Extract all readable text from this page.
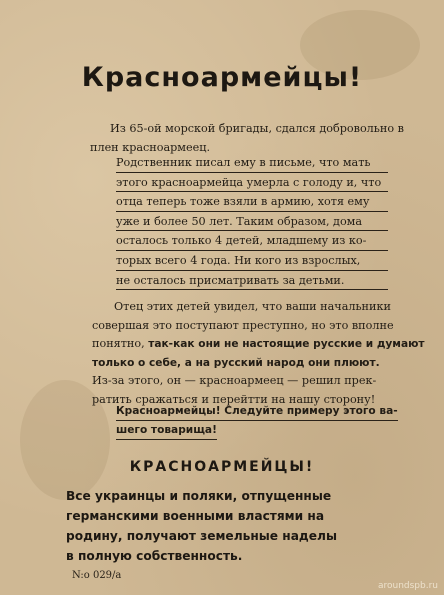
Красноармейцы!
Из 65-ой морской бригады, сдался добровольно в
плен красноармеец.
Родственник писал ему в письме, что мать
этого красноармейца умерла с голоду и, что
отца теперь тоже взяли в армию, хотя ему
уже и более 50 лет. Таким образом, дома
осталось только 4 детей, младшему из ко-
торых всего 4 года. Ни кого из взрослых,
не осталось присматривать за детьми.
Отец этих детей увидел, что ваши начальники
совершая это поступают преступно, но это вполне
понятно, так-как они не настоящие русские и думают
только о себе, а на русский народ они плюют.
Из-за этого, он — красноармеец — решил прек-
ратить сражаться и перейтти на нашу сторону!
Красноармейцы! Следуйте примеру этого ва-
шего товарища!
КРАСНОАРМЕЙЦЫ!
Все украинцы и поляки, отпущенные
германскими военными властями на
родину, получают земельные наделы
в полную собственность.
N:o 029/a
aroundspb.ru
